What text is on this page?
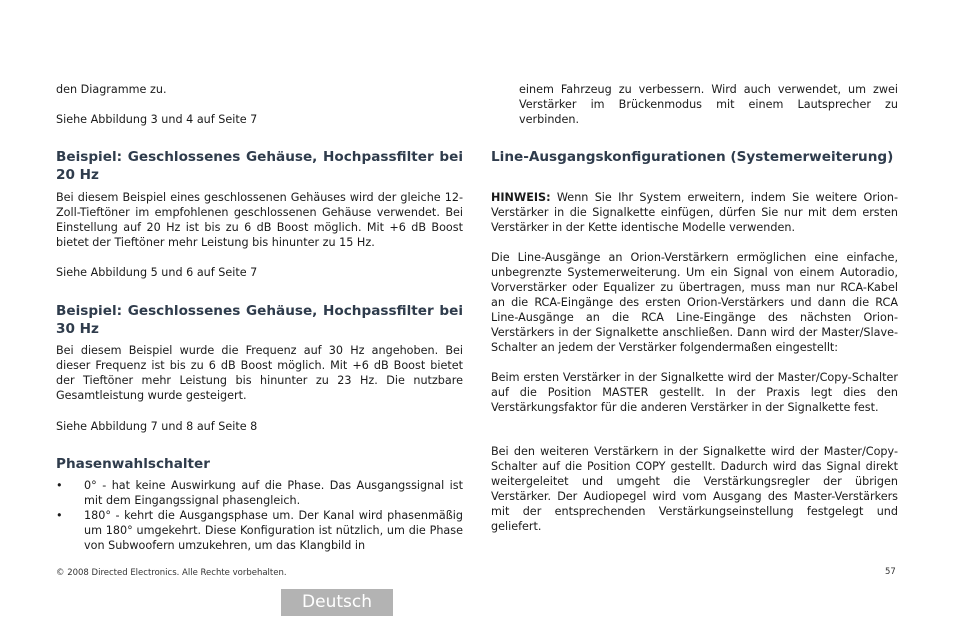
den Diagramme zu.

Siehe Abbildung 3 und 4 auf Seite 7

Beispiel: Geschlossenes Gehäuse, Hochpassfilter bei 20 Hz

Bei diesem Beispiel eines geschlossenen Gehäuses wird der gleiche 12-Zoll-Tieftöner im empfohlenen geschlossenen Gehäuse verwendet. Bei Einstellung auf 20 Hz ist bis zu 6 dB Boost möglich. Mit +6 dB Boost bietet der Tieftöner mehr Leistung bis hinunter zu 15 Hz.

Siehe Abbildung 5 und 6 auf Seite 7

Beispiel: Geschlossenes Gehäuse, Hochpassfilter bei 30 Hz

Bei diesem Beispiel wurde die Frequenz auf 30 Hz angehoben. Bei dieser Frequenz ist bis zu 6 dB Boost möglich. Mit +6 dB Boost bietet der Tieftöner mehr Leistung bis hinunter zu 23 Hz. Die nutzbare Gesamtleistung wurde gesteigert.

Siehe Abbildung 7 und 8 auf Seite 8

Phasenwahlschalter
• 0° - hat keine Auswirkung auf die Phase. Das Ausgangssignal ist mit dem Eingangssignal phasengleich.
• 180° - kehrt die Ausgangsphase um. Der Kanal wird phasenmäßig um 180° umgekehrt. Diese Konfiguration ist nützlich, um die Phase von Subwoofern umzukehren, um das Klangbild in

einem Fahrzeug zu verbessern. Wird auch verwendet, um zwei Verstärker im Brückenmodus mit einem Lautsprecher zu verbinden.

Line-Ausgangskonfigurationen (Systemerweiterung)

HINWEIS: Wenn Sie Ihr System erweitern, indem Sie weitere Orion-Verstärker in die Signalkette einfügen, dürfen Sie nur mit dem ersten Verstärker in der Kette identische Modelle verwenden.

Die Line-Ausgänge an Orion-Verstärkern ermöglichen eine einfache, unbegrenzte Systemerweiterung. Um ein Signal von einem Autoradio, Vorverstärker oder Equalizer zu übertragen, muss man nur RCA-Kabel an die RCA-Eingänge des ersten Orion-Verstärkers und dann die RCA Line-Ausgänge an die RCA Line-Eingänge des nächsten Orion-Verstärkers in der Signalkette anschließen. Dann wird der Master/Slave-Schalter an jedem der Verstärker folgendermaßen eingestellt:

Beim ersten Verstärker in der Signalkette wird der Master/Copy-Schalter auf die Position MASTER gestellt. In der Praxis legt dies den Verstärkungsfaktor für die anderen Verstärker in der Signalkette fest.

Bei den weiteren Verstärkern in der Signalkette wird der Master/Copy-Schalter auf die Position COPY gestellt. Dadurch wird das Signal direkt weitergeleitet und umgeht die Verstärkungsregler der übrigen Verstärker. Der Audiopegel wird vom Ausgang des Master-Verstärkers mit der entsprechenden Verstärkungseinstellung festgelegt und geliefert.

© 2008 Directed Electronics. Alle Rechte vorbehalten.	57
Deutsch
